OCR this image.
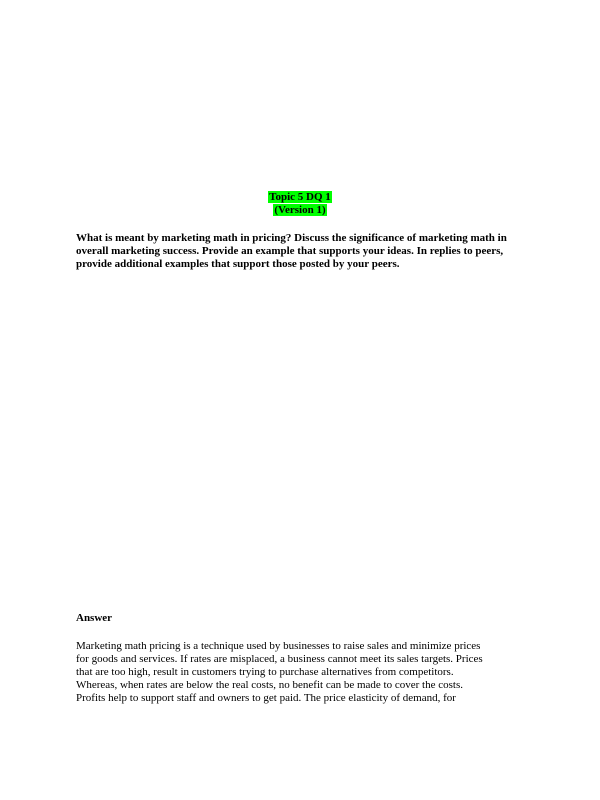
Topic 5 DQ 1
(Version 1)
What is meant by marketing math in pricing? Discuss the significance of marketing math in overall marketing success. Provide an example that supports your ideas. In replies to peers, provide additional examples that support those posted by your peers.
Answer
Marketing math pricing is a technique used by businesses to raise sales and minimize prices
for goods and services. If rates are misplaced, a business cannot meet its sales targets. Prices
that are too high, result in customers trying to purchase alternatives from competitors.
Whereas, when rates are below the real costs, no benefit can be made to cover the costs.
Profits help to support staff and owners to get paid. The price elasticity of demand, for
